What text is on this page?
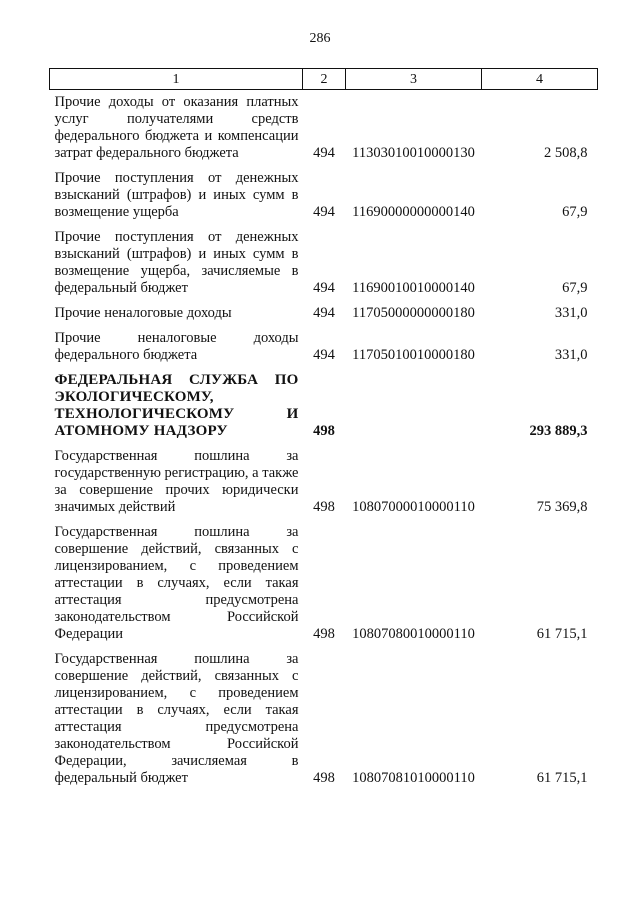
286
1	2	3	4
Прочие доходы от оказания платных услуг получателями средств федерального бюджета и компенсации затрат федерального бюджета	494	11303010010000130	2 508,8
Прочие поступления от денежных взысканий (штрафов) и иных сумм в возмещение ущерба	494	11690000000000140	67,9
Прочие поступления от денежных взысканий (штрафов) и иных сумм в возмещение ущерба, зачисляемые в федеральный бюджет	494	11690010010000140	67,9
Прочие неналоговые доходы	494	11705000000000180	331,0
Прочие неналоговые доходы федерального бюджета	494	11705010010000180	331,0
ФЕДЕРАЛЬНАЯ СЛУЖБА ПО ЭКОЛОГИЧЕСКОМУ, ТЕХНОЛОГИЧЕСКОМУ И АТОМНОМУ НАДЗОРУ	498		293 889,3
Государственная пошлина за государственную регистрацию, а также за совершение прочих юридически значимых действий	498	10807000010000110	75 369,8
Государственная пошлина за совершение действий, связанных с лицензированием, с проведением аттестации в случаях, если такая аттестация предусмотрена законодательством Российской Федерации	498	10807080010000110	61 715,1
Государственная пошлина за совершение действий, связанных с лицензированием, с проведением аттестации в случаях, если такая аттестация предусмотрена законодательством Российской Федерации, зачисляемая в федеральный бюджет	498	10807081010000110	61 715,1
